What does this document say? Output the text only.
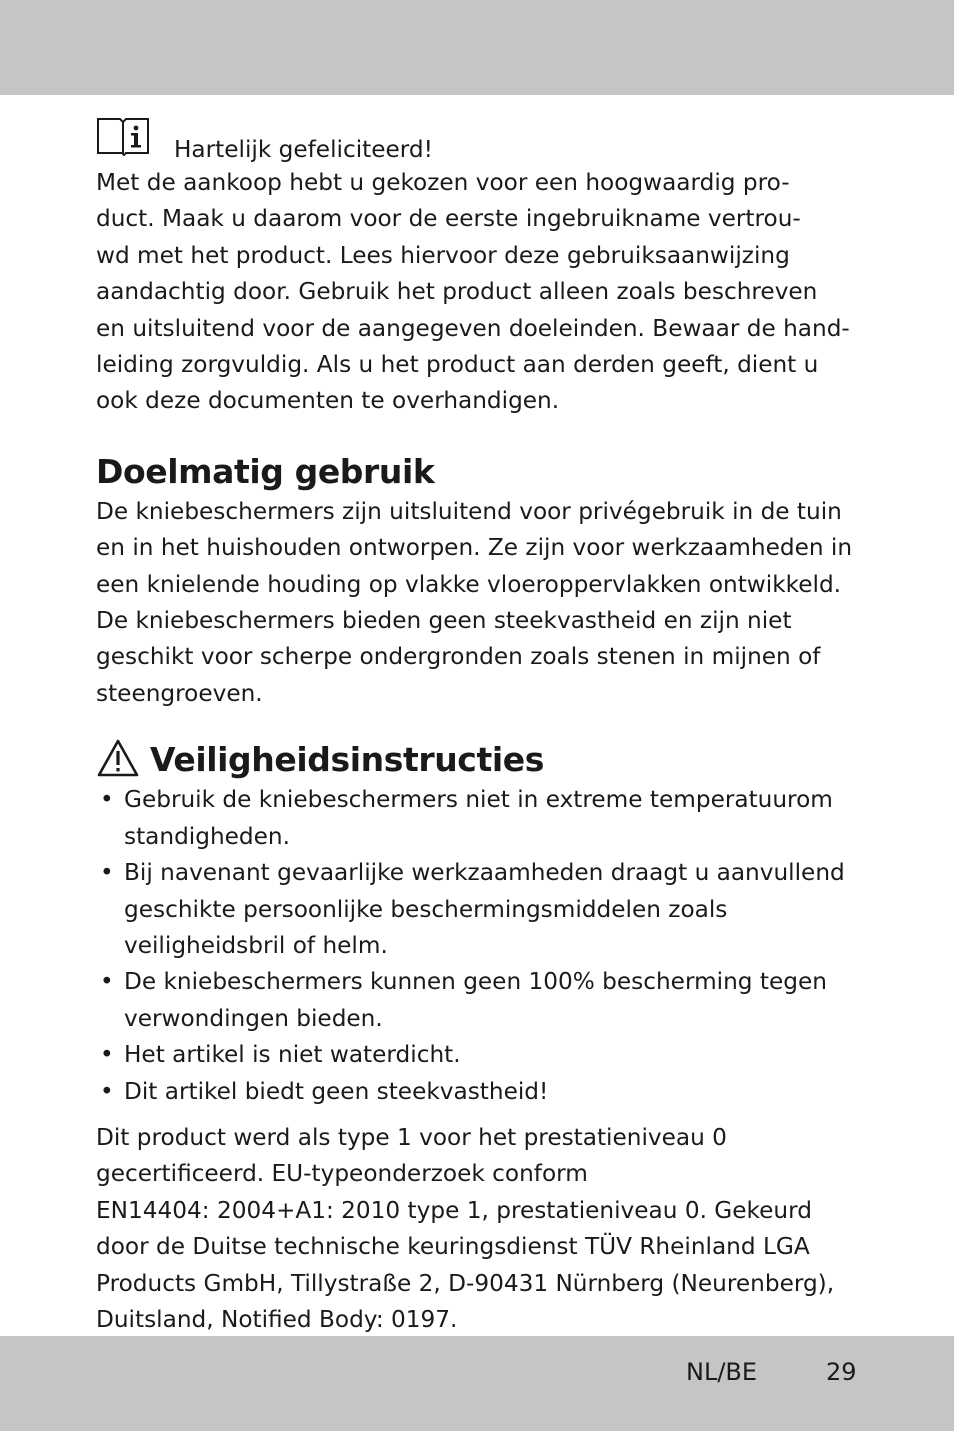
Hartelijk gefeliciteerd!

Met de aankoop hebt u gekozen voor een hoogwaardig pro-
duct. Maak u daarom voor de eerste ingebruikname vertrou-
wd met het product. Lees hiervoor deze gebruiksaanwijzing
aandachtig door. Gebruik het product alleen zoals beschreven
en uitsluitend voor de aangegeven doeleinden. Bewaar de hand-
leiding zorgvuldig. Als u het product aan derden geeft, dient u
ook deze documenten te overhandigen.

Doelmatig gebruik

De kniebeschermers zijn uitsluitend voor privégebruik in de tuin
en in het huishouden ontworpen. Ze zijn voor werkzaamheden in
een knielende houding op vlakke vloeroppervlakken ontwikkeld.
De kniebeschermers bieden geen steekvastheid en zijn niet
geschikt voor scherpe ondergronden zoals stenen in mijnen of
steengroeven.

Veiligheidsinstructies
• Gebruik de kniebeschermers niet in extreme temperatuurom
standigheden.
• Bij navenant gevaarlijke werkzaamheden draagt u aanvullend
geschikte persoonlijke beschermingsmiddelen zoals
veiligheidsbril of helm.
• De kniebeschermers kunnen geen 100% bescherming tegen
verwondingen bieden.
• Het artikel is niet waterdicht.
• Dit artikel biedt geen steekvastheid!

Dit product werd als type 1 voor het prestatieniveau 0
gecertificeerd. EU-typeonderzoek conform
EN14404: 2004+A1: 2010 type 1, prestatieniveau 0. Gekeurd
door de Duitse technische keuringsdienst TÜV Rheinland LGA
Products GmbH, Tillystraße 2, D-90431 Nürnberg (Neurenberg),
Duitsland, Notified Body: 0197.

NL/BE	29
